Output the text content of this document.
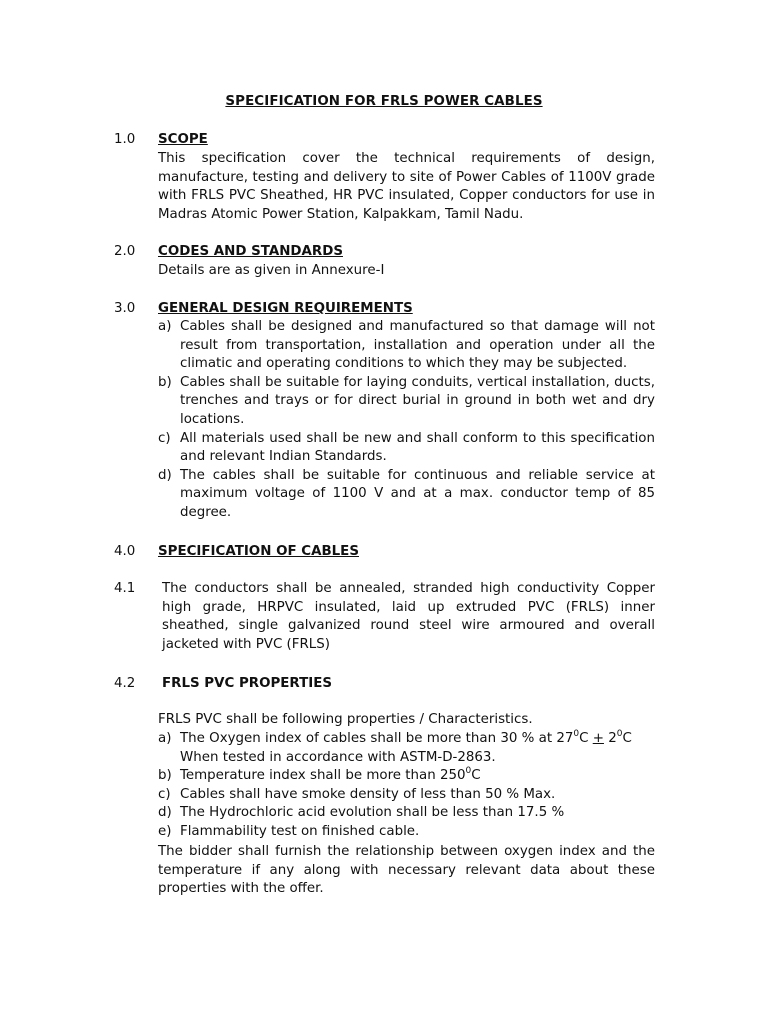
SPECIFICATION FOR FRLS POWER CABLES
1.0 SCOPE
This specification cover the technical requirements of design, manufacture, testing and delivery to site of Power Cables of 1100V grade with FRLS PVC Sheathed, HR PVC insulated, Copper conductors for use in Madras Atomic Power Station, Kalpakkam, Tamil Nadu.
2.0 CODES AND STANDARDS
Details are as given in Annexure-I
3.0 GENERAL DESIGN REQUIREMENTS
a) Cables shall be designed and manufactured so that damage will not result from transportation, installation and operation under all the climatic and operating conditions to which they may be subjected.
b) Cables shall be suitable for laying conduits, vertical installation, ducts, trenches and trays or for direct burial in ground in both wet and dry locations.
c) All materials used shall be new and shall conform to this specification and relevant Indian Standards.
d) The cables shall be suitable for continuous and reliable service at maximum voltage of 1100 V and at a max. conductor temp of 85 degree.
4.0 SPECIFICATION OF CABLES
4.1 The conductors shall be annealed, stranded high conductivity Copper high grade, HRPVC insulated, laid up extruded PVC (FRLS) inner sheathed, single galvanized round steel wire armoured and overall jacketed with PVC (FRLS)
4.2 FRLS PVC PROPERTIES
FRLS PVC shall be following properties / Characteristics.
a) The Oxygen index of cables shall be more than 30 % at $27^0C + 2^0C$
When tested in accordance with ASTM-D-2863.
b) Temperature index shall be more than $250^0C$
c) Cables shall have smoke density of less than 50 % Max.
d) The Hydrochloric acid evolution shall be less than 17.5 %
e) Flammability test on finished cable.
The bidder shall furnish the relationship between oxygen index and the temperature if any along with necessary relevant data about these properties with the offer.
